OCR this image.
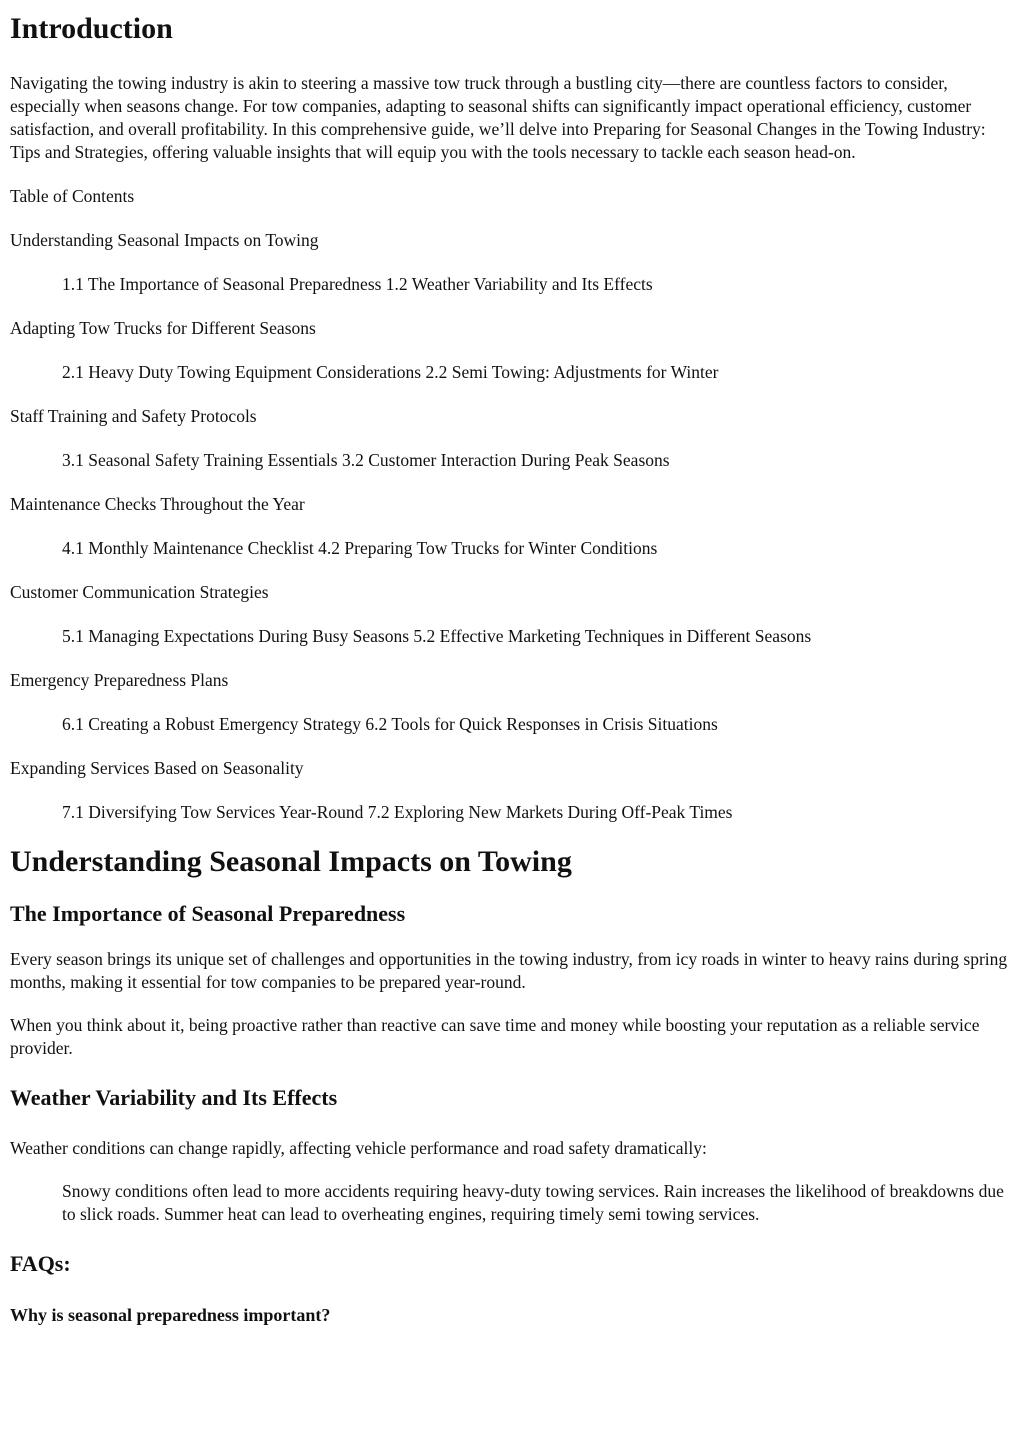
Introduction

Navigating the towing industry is akin to steering a massive tow truck through a bustling city—there are countless factors to consider, especially when seasons change. For tow companies, adapting to seasonal shifts can significantly impact operational efficiency, customer satisfaction, and overall profitability. In this comprehensive guide, we’ll delve into Preparing for Seasonal Changes in the Towing Industry: Tips and Strategies, offering valuable insights that will equip you with the tools necessary to tackle each season head-on.

Table of Contents

Understanding Seasonal Impacts on Towing

1.1 The Importance of Seasonal Preparedness 1.2 Weather Variability and Its Effects

Adapting Tow Trucks for Different Seasons

2.1 Heavy Duty Towing Equipment Considerations 2.2 Semi Towing: Adjustments for Winter

Staff Training and Safety Protocols

3.1 Seasonal Safety Training Essentials 3.2 Customer Interaction During Peak Seasons

Maintenance Checks Throughout the Year

4.1 Monthly Maintenance Checklist 4.2 Preparing Tow Trucks for Winter Conditions

Customer Communication Strategies

5.1 Managing Expectations During Busy Seasons 5.2 Effective Marketing Techniques in Different Seasons

Emergency Preparedness Plans

6.1 Creating a Robust Emergency Strategy 6.2 Tools for Quick Responses in Crisis Situations

Expanding Services Based on Seasonality

7.1 Diversifying Tow Services Year-Round 7.2 Exploring New Markets During Off-Peak Times

Understanding Seasonal Impacts on Towing
The Importance of Seasonal Preparedness

Every season brings its unique set of challenges and opportunities in the towing industry, from icy roads in winter to heavy rains during spring months, making it essential for tow companies to be prepared year-round.

When you think about it, being proactive rather than reactive can save time and money while boosting your reputation as a reliable service provider.

Weather Variability and Its Effects

Weather conditions can change rapidly, affecting vehicle performance and road safety dramatically:

Snowy conditions often lead to more accidents requiring heavy-duty towing services. Rain increases the likelihood of breakdowns due to slick roads. Summer heat can lead to overheating engines, requiring timely semi towing services.

FAQs:
Why is seasonal preparedness important?
